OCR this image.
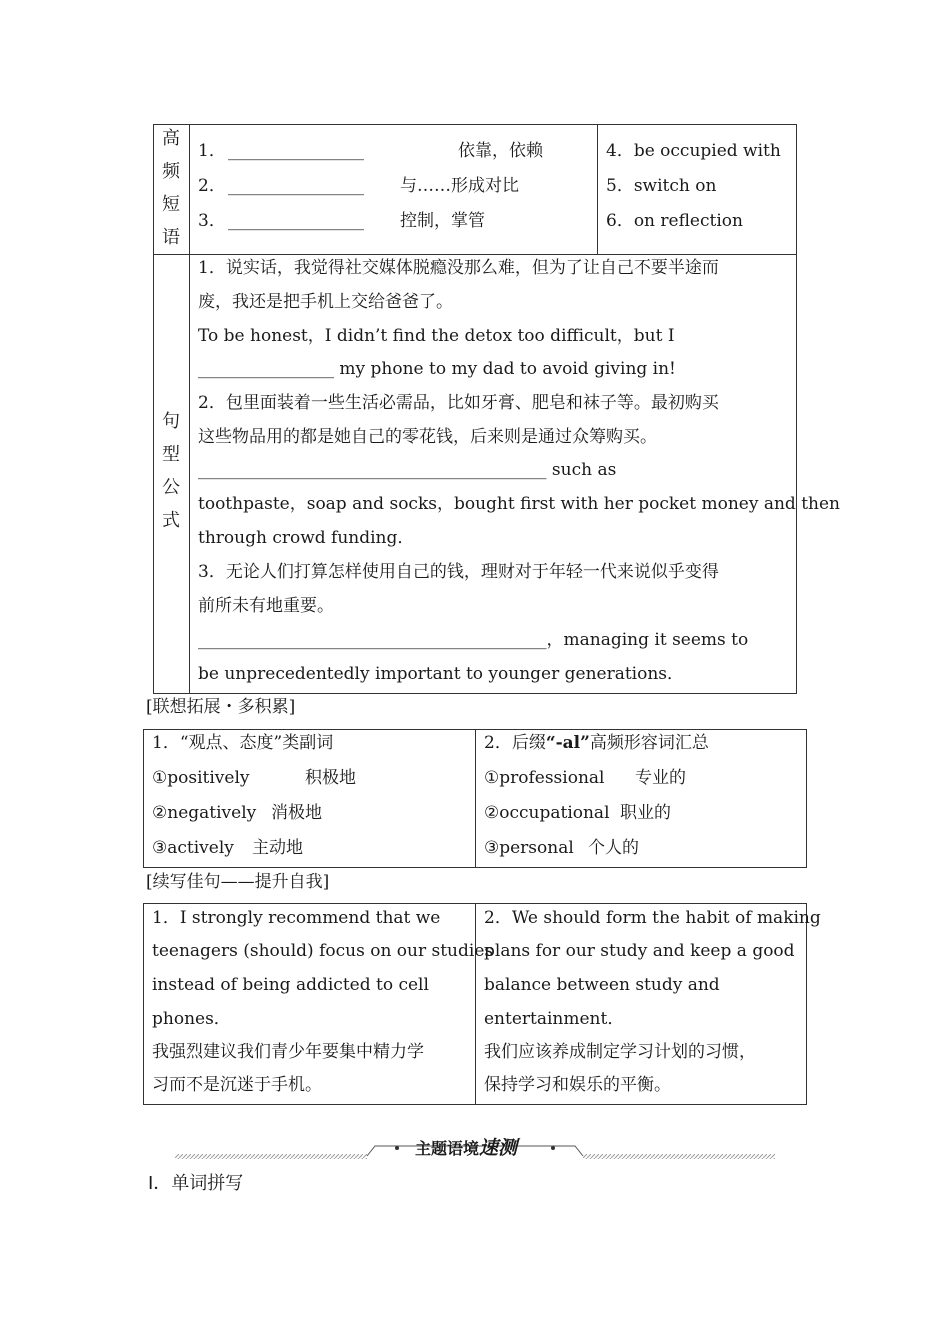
高
频
短
语
句
型
公
式
1． ________________	依靠，依赖
2． ________________ 与……形成对比
3． ________________ 控制，掌管
4．be occupied with
5．switch on
6．on reflection
1．说实话，我觉得社交媒体脱瘾没那么难，但为了让自己不要半途而
废，我还是把手机上交给爸爸了。
To be honest，I didn’t find the detox too difficult，but I
________________ my phone to my dad to avoid giving in!
2．包里面装着一些生活必需品，比如牙膏、肥皂和袜子等。最初购买
这些物品用的都是她自己的零花钱，后来则是通过众筹购买。
_________________________________________ such as
toothpaste，soap and socks，bought first with her pocket money and then
through crowd funding．
3．无论人们打算怎样使用自己的钱，理财对于年轻一代来说似乎变得
前所未有地重要。
_________________________________________，managing it seems to
be unprecedentedly important to younger generations．
[联想拓展・多积累]
1．“观点、态度”类副词
①positively	积极地
②negatively 消极地
③actively 主动地
2．后缀“-al”高频形容词汇总
①professional 专业的
②occupational 职业的
③personal 个人的
[续写佳句——提升自我]
1．I strongly recommend that we
teenagers (should) focus on our studies
instead of being addicted to cell
phones．
我强烈建议我们青少年要集中精力学
习而不是沉迷于手机。
2．We should form the habit of making
plans for our study and keep a good
balance between study and
entertainment．
我们应该养成制定学习计划的习惯，
保持学习和娱乐的平衡。
主题语境速测
Ⅰ．单词拼写
